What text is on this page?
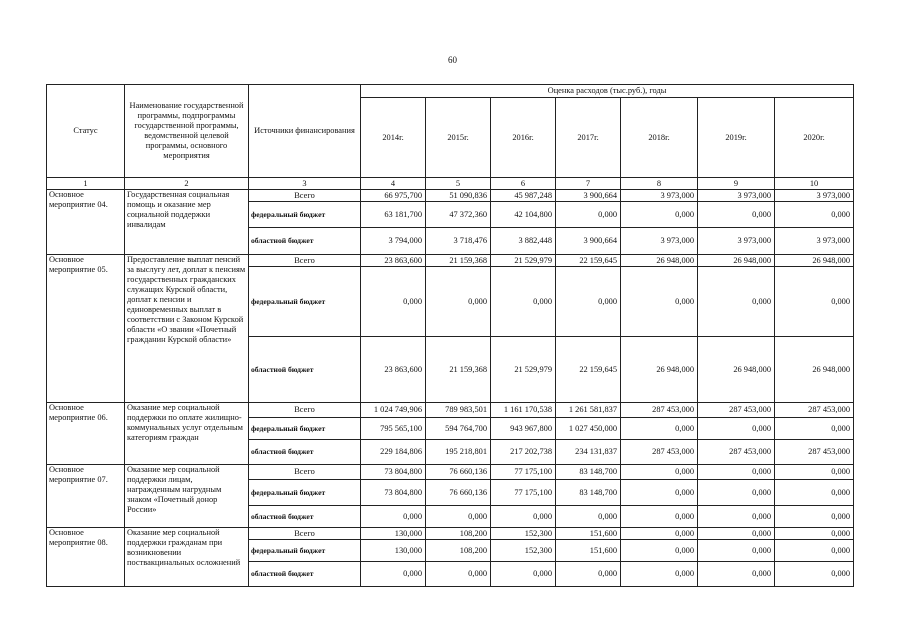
60
Статус	Наименование государственной программы, подпрограммы государственной программы, ведомственной целевой программы, основного мероприятия	Источники финансирования	Оценка расходов (тыс.руб.), годы						
			2014г.	2015г.	2016г.	2017г.	2018г.	2019г.	2020г.
1	2	3	4	5	6	7	8	9	10
Основное мероприятие 04.	Государственная социальная помощь и оказание мер социальной поддержки инвалидам	Всего	66 975,700	51 090,836	45 987,248	3 900,664	3 973,000	3 973,000	3 973,000
		федеральный бюджет	63 181,700	47 372,360	42 104,800	0,000	0,000	0,000	0,000
		областной бюджет	3 794,000	3 718,476	3 882,448	3 900,664	3 973,000	3 973,000	3 973,000
Основное мероприятие 05.	Предоставление выплат пенсий за выслугу лет, доплат к пенсиям государственных гражданских служащих Курской области, доплат к пенсии и единовременных выплат в соответствии с Законом Курской области «О звании «Почетный гражданин Курской области»	Всего	23 863,600	21 159,368	21 529,979	22 159,645	26 948,000	26 948,000	26 948,000
		федеральный бюджет	0,000	0,000	0,000	0,000	0,000	0,000	0,000
		областной бюджет	23 863,600	21 159,368	21 529,979	22 159,645	26 948,000	26 948,000	26 948,000
Основное мероприятие 06.	Оказание мер социальной поддержки по оплате жилищно-коммунальных услуг отдельным категориям граждан	Всего	1 024 749,906	789 983,501	1 161 170,538	1 261 581,837	287 453,000	287 453,000	287 453,000
		федеральный бюджет	795 565,100	594 764,700	943 967,800	1 027 450,000	0,000	0,000	0,000
		областной бюджет	229 184,806	195 218,801	217 202,738	234 131,837	287 453,000	287 453,000	287 453,000
Основное мероприятие 07.	Оказание мер социальной поддержки лицам, награжденным нагрудным знаком «Почетный донор России»	Всего	73 804,800	76 660,136	77 175,100	83 148,700	0,000	0,000	0,000
		федеральный бюджет	73 804,800	76 660,136	77 175,100	83 148,700	0,000	0,000	0,000
		областной бюджет	0,000	0,000	0,000	0,000	0,000	0,000	0,000
Основное мероприятие 08.	Оказание мер социальной поддержки гражданам при возникновении поствакцинальных осложнений	Всего	130,000	108,200	152,300	151,600	0,000	0,000	0,000
		федеральный бюджет	130,000	108,200	152,300	151,600	0,000	0,000	0,000
		областной бюджет	0,000	0,000	0,000	0,000	0,000	0,000	0,000
